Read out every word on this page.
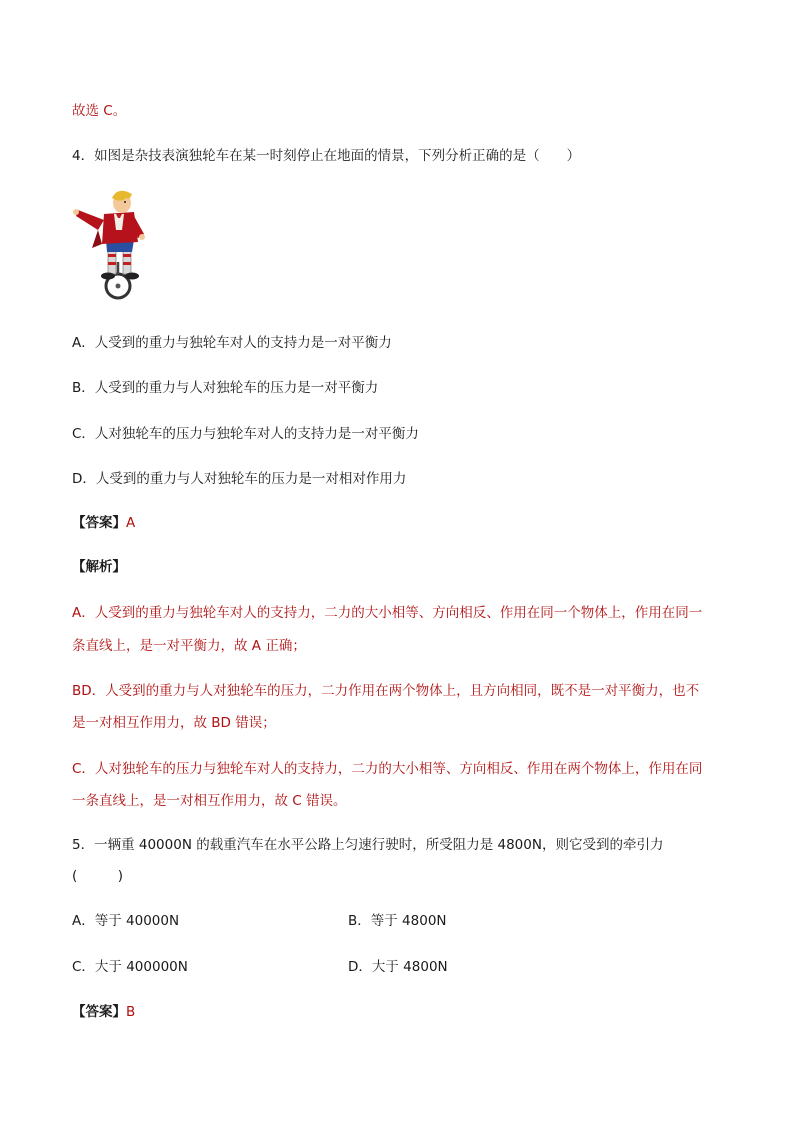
故选 C。
4．如图是杂技表演独轮车在某一时刻停止在地面的情景，下列分析正确的是（　　）
A．人受到的重力与独轮车对人的支持力是一对平衡力
B．人受到的重力与人对独轮车的压力是一对平衡力
C．人对独轮车的压力与独轮车对人的支持力是一对平衡力
D．人受到的重力与人对独轮车的压力是一对相对作用力
【答案】A
【解析】
A．人受到的重力与独轮车对人的支持力，二力的大小相等、方向相反、作用在同一个物体上，作用在同一
条直线上，是一对平衡力，故 A 正确；
BD．人受到的重力与人对独轮车的压力，二力作用在两个物体上，且方向相同，既不是一对平衡力，也不
是一对相互作用力，故 BD 错误；
C．人对独轮车的压力与独轮车对人的支持力，二力的大小相等、方向相反、作用在两个物体上，作用在同
一条直线上，是一对相互作用力，故 C 错误。
5．一辆重 40000N 的载重汽车在水平公路上匀速行驶时，所受阻力是 4800N，则它受到的牵引力
(　　　)
A．等于 40000N	B．等于 4800N
C．大于 400000N	D．大于 4800N
【答案】B
